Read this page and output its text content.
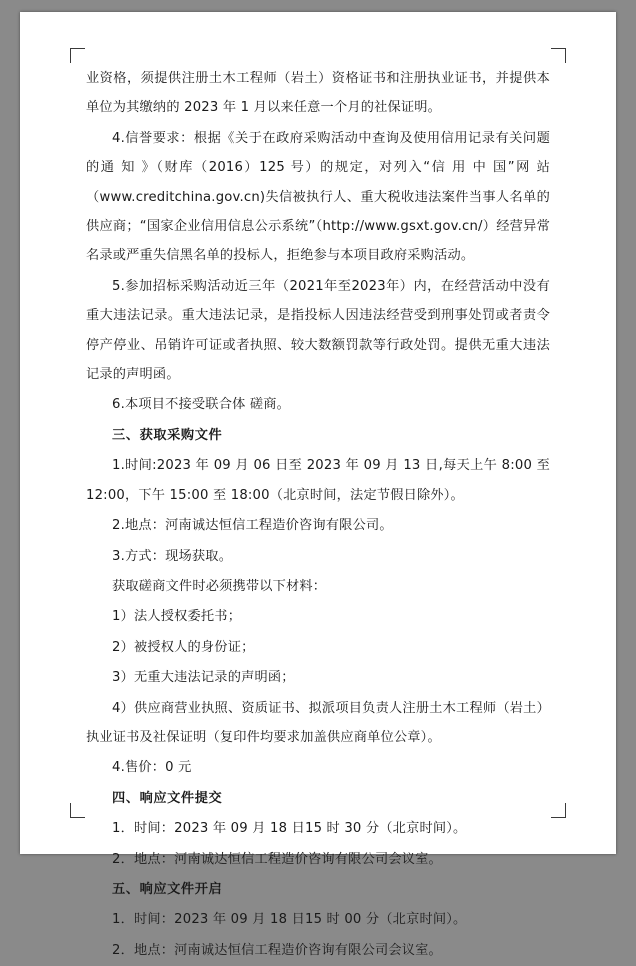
业资格，须提供注册土木工程师（岩土）资格证书和注册执业证书，并提供本单位为其缴纳的 2023 年 1 月以来任意一个月的社保证明。

4.信誉要求：根据《关于在政府采购活动中查询及使用信用记录有关问题的通 知 》（财库（2016）125 号）的规定，对列入“信 用 中 国”网 站（www.creditchina.gov.cn)失信被执行人、重大税收违法案件当事人名单的供应商；“国家企业信用信息公示系统”（http://www.gsxt.gov.cn/）经营异常名录或严重失信黑名单的投标人，拒绝参与本项目政府采购活动。

5.参加招标采购活动近三年（2021年至2023年）内，在经营活动中没有重大违法记录。重大违法记录，是指投标人因违法经营受到刑事处罚或者责令停产停业、吊销许可证或者执照、较大数额罚款等行政处罚。提供无重大违法记录的声明函。

6.本项目不接受联合体 磋商。

三、获取采购文件

1.时间:2023 年 09 月 06 日至 2023 年 09 月 13 日,每天上午 8:00 至 12:00，下午 15:00 至 18:00（北京时间，法定节假日除外）。

2.地点：河南诚达恒信工程造价咨询有限公司。

3.方式：现场获取。

获取磋商文件时必须携带以下材料：

1）法人授权委托书；

2）被授权人的身份证；

3）无重大违法记录的声明函；

4）供应商营业执照、资质证书、拟派项目负责人注册土木工程师（岩土）执业证书及社保证明（复印件均要求加盖供应商单位公章）。

4.售价：0 元

四、响应文件提交

1．时间：2023 年 09 月 18 日15 时 30 分（北京时间）。

2．地点：河南诚达恒信工程造价咨询有限公司会议室。

五、响应文件开启

1．时间：2023 年 09 月 18 日15 时 00 分（北京时间）。

2．地点：河南诚达恒信工程造价咨询有限公司会议室。
